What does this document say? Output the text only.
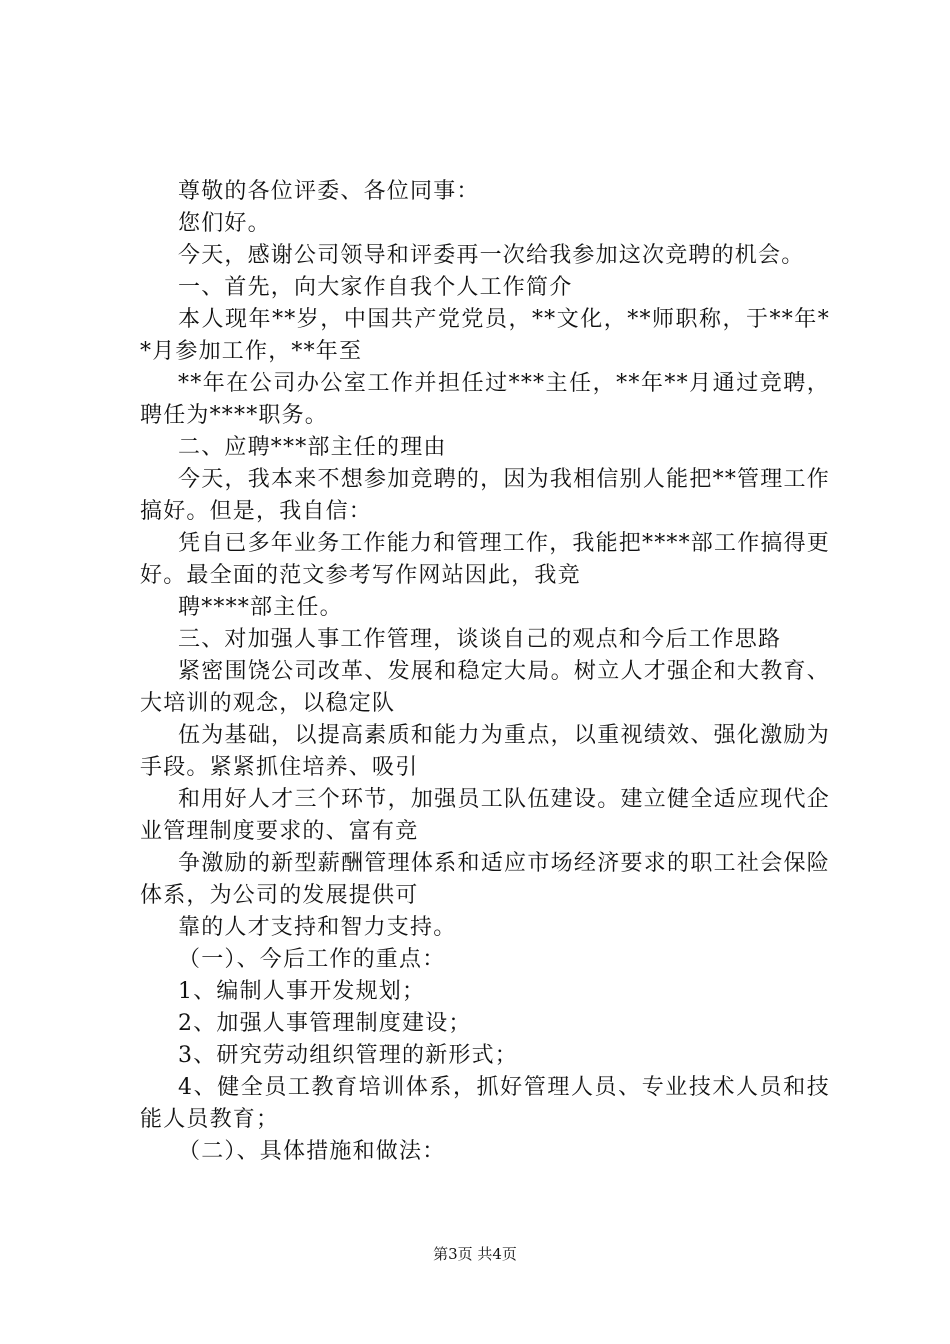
尊敬的各位评委、各位同事：

您们好。

今天，感谢公司领导和评委再一次给我参加这次竞聘的机会。

一、首先，向大家作自我个人工作简介

本人现年**岁，中国共产党党员，**文化，**师职称，于**年**月参加工作，**年至

**年在公司办公室工作并担任过***主任，**年**月通过竞聘，聘任为****职务。

二、应聘***部主任的理由

今天，我本来不想参加竞聘的，因为我相信别人能把**管理工作搞好。但是，我自信：

凭自已多年业务工作能力和管理工作，我能把****部工作搞得更好。最全面的范文参考写作网站因此，我竞

聘****部主任。

三、对加强人事工作管理，谈谈自己的观点和今后工作思路

紧密围饶公司改革、发展和稳定大局。树立人才强企和大教育、大培训的观念，以稳定队

伍为基础，以提高素质和能力为重点，以重视绩效、强化激励为手段。紧紧抓住培养、吸引

和用好人才三个环节，加强员工队伍建设。建立健全适应现代企业管理制度要求的、富有竞

争激励的新型薪酬管理体系和适应市场经济要求的职工社会保险体系，为公司的发展提供可

靠的人才支持和智力支持。

（一）、今后工作的重点：

1、编制人事开发规划；

2、加强人事管理制度建设；

3、研究劳动组织管理的新形式；

4、健全员工教育培训体系，抓好管理人员、专业技术人员和技能人员教育；

（二）、具体措施和做法：

第3页 共4页
